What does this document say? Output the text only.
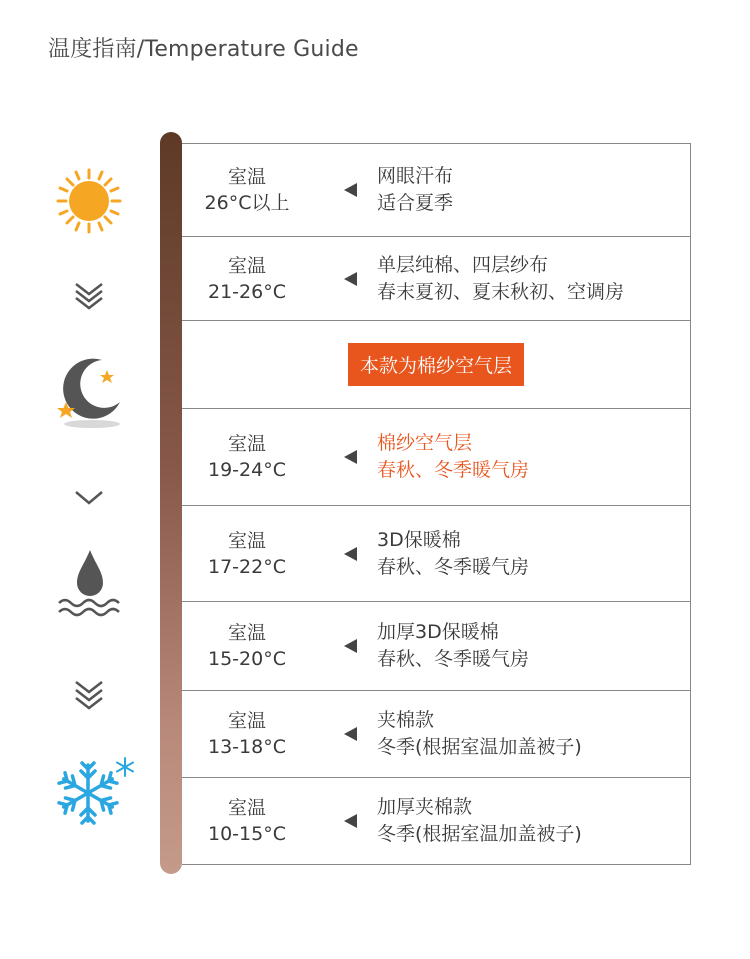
温度指南/Temperature Guide
室温
26°C以上
网眼汗布
适合夏季
室温
21-26°C
单层纯棉、四层纱布
春末夏初、夏末秋初、空调房
本款为棉纱空气层
室温
19-24°C
棉纱空气层
春秋、冬季暖气房
室温
17-22°C
3D保暖棉
春秋、冬季暖气房
室温
15-20°C
加厚3D保暖棉
春秋、冬季暖气房
室温
13-18°C
夹棉款
冬季(根据室温加盖被子)
室温
10-15°C
加厚夹棉款
冬季(根据室温加盖被子)
